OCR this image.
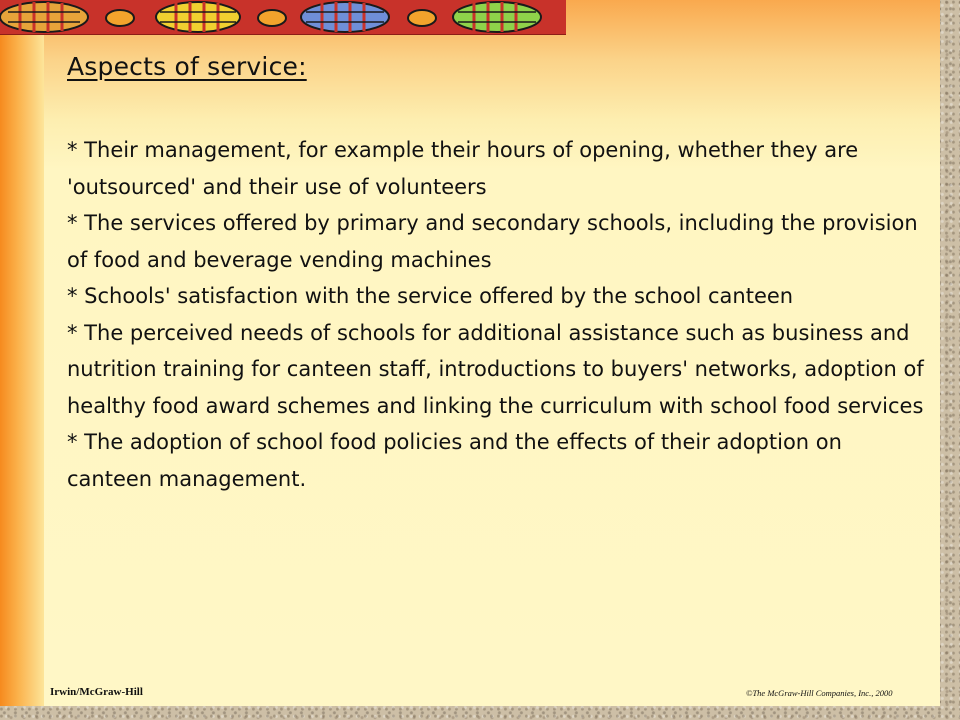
Aspects of service:

* Their management, for example their hours of opening, whether they are 'outsourced' and their use of volunteers

* The services offered by primary and secondary schools, including the provision of food and beverage vending machines

* Schools' satisfaction with the service offered by the school canteen

* The perceived needs of schools for additional assistance such as business and nutrition training for canteen staff, introductions to buyers' networks, adoption of healthy food award schemes and linking the curriculum with school food services

* The adoption of school food policies and the effects of their adoption on canteen management.

Irwin/McGraw-Hill	©The McGraw-Hill Companies, Inc., 2000
